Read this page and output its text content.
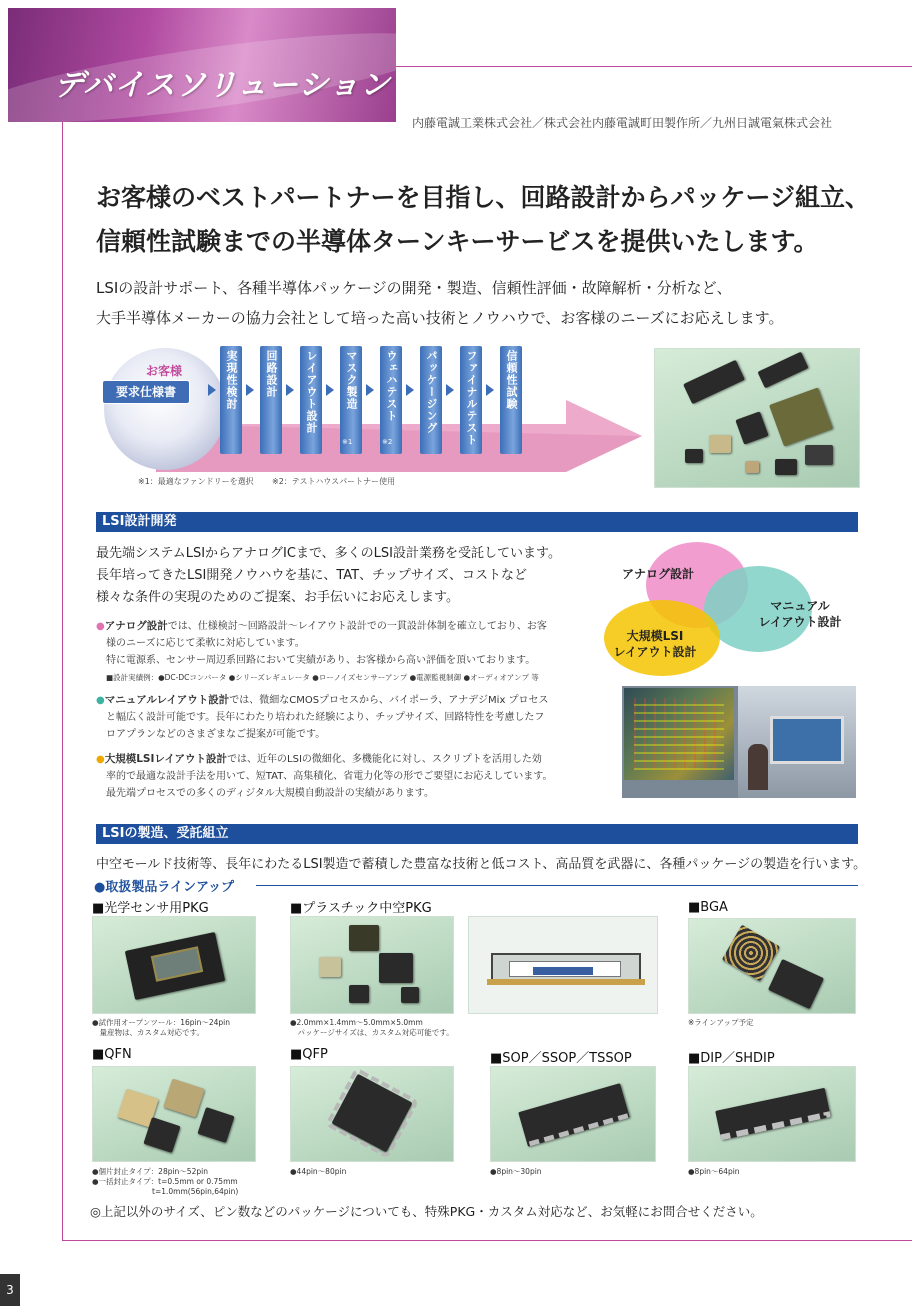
デバイスソリューション
内藤電誠工業株式会社／株式会社内藤電誠町田製作所／九州日誠電氣株式会社
お客様のベストパートナーを目指し、回路設計からパッケージ組立、
信頼性試験までの半導体ターンキーサービスを提供いたします。
LSIの設計サポート、各種半導体パッケージの開発・製造、信頼性評価・故障解析・分析など、
大手半導体メーカーの協力会社として培った高い技術とノウハウで、お客様のニーズにお応えします。
お客様
要求仕様書	実現性検討	回路設計	レイアウト設計	マスク製造
※1
ウェハテスト
※2
パッケージング	ファイナルテスト	信頼性試験
※1：最適なファンドリーを選択 ※2：テストハウスパートナー使用
LSI設計開発
最先端システムLSIからアナログICまで、多くのLSI設計業務を受託しています。
長年培ってきたLSI開発ノウハウを基に、TAT、チップサイズ、コストなど
様々な条件の実現のためのご提案、お手伝いにお応えします。
●アナログ設計では、仕様検討～回路設計～レイアウト設計での一貫設計体制を確立しており、お客
様のニーズに応じて柔軟に対応しています。
特に電源系、センサー周辺系回路において実績があり、お客様から高い評価を頂いております。
■設計実績例：●DC-DCコンバータ ●シリーズレギュレータ ●ローノイズセンサーアンプ ●電源監視制御 ●オーディオアンプ 等
●マニュアルレイアウト設計では、微細なCMOSプロセスから、バイポーラ、アナデジMix プロセス
と幅広く設計可能です。長年にわたり培われた経験により、チップサイズ、回路特性を考慮したフ
ロアプランなどのさまざまなご提案が可能です。
●大規模LSIレイアウト設計では、近年のLSIの微細化、多機能化に対し、スクリプトを活用した効
率的で最適な設計手法を用いて、短TAT、高集積化、省電力化等の形でご要望にお応えしています。
最先端プロセスでの多くのディジタル大規模自動設計の実績があります。
アナログ設計
マニュアル
レイアウト設計
大規模LSI
レイアウト設計
LSIの製造、受託組立
中空モールド技術等、長年にわたるLSI製造で蓄積した豊富な技術と低コスト、高品質を武器に、各種パッケージの製造を行います。
●取扱製品ラインアップ
■光学センサ用PKG
●試作用オープンツール：16pin～24pin
　量産物は、カスタム対応です。
■プラスチック中空PKG
●2.0mm×1.4mm～5.0mm×5.0mm
　パッケージサイズは、カスタム対応可能です。
■BGA
※ラインアップ予定
■QFN
●個片封止タイプ：28pin～52pin
●一括封止タイプ：t=0.5mm or 0.75mm
　　　　　　　　t=1.0mm(56pin,64pin)
■QFP
●44pin～80pin
■SOP／SSOP／TSSOP
●8pin～30pin
■DIP／SHDIP
●8pin～64pin
◎上記以外のサイズ、ピン数などのパッケージについても、特殊PKG・カスタム対応など、お気軽にお問合せください。
3
